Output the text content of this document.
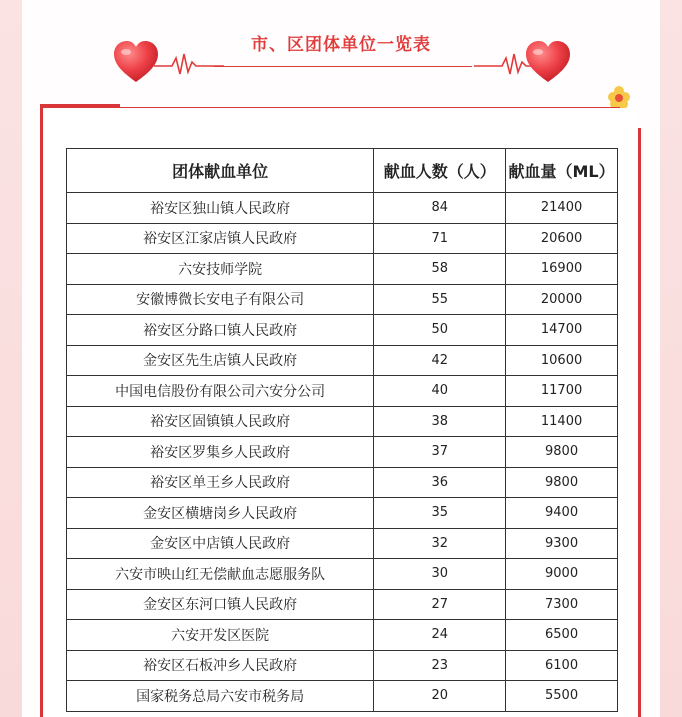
市、区团体单位一览表
团体献血单位	献血人数（人）	献血量（ML）
裕安区独山镇人民政府	84	21400
裕安区江家店镇人民政府	71	20600
六安技师学院	58	16900
安徽博微长安电子有限公司	55	20000
裕安区分路口镇人民政府	50	14700
金安区先生店镇人民政府	42	10600
中国电信股份有限公司六安分公司	40	11700
裕安区固镇镇人民政府	38	11400
裕安区罗集乡人民政府	37	9800
裕安区单王乡人民政府	36	9800
金安区横塘岗乡人民政府	35	9400
金安区中店镇人民政府	32	9300
六安市映山红无偿献血志愿服务队	30	9000
金安区东河口镇人民政府	27	7300
六安开发区医院	24	6500
裕安区石板冲乡人民政府	23	6100
国家税务总局六安市税务局	20	5500
